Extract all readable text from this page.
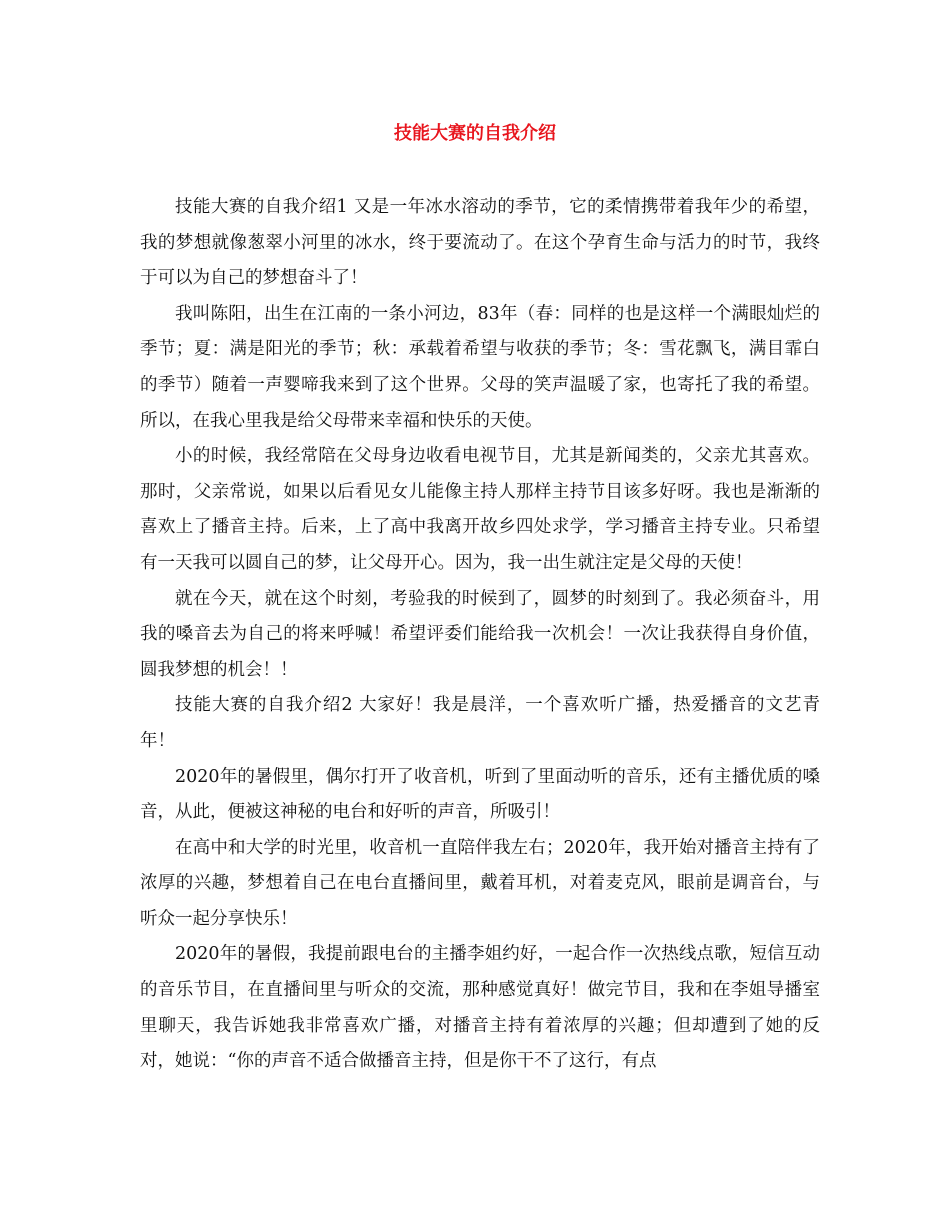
技能大赛的自我介绍

技能大赛的自我介绍1 又是一年冰水溶动的季节，它的柔情携带着我年少的希望，我的梦想就像葱翠小河里的冰水，终于要流动了。在这个孕育生命与活力的时节，我终于可以为自己的梦想奋斗了！

我叫陈阳，出生在江南的一条小河边，83年（春：同样的也是这样一个满眼灿烂的季节；夏：满是阳光的季节；秋：承载着希望与收获的季节；冬：雪花飘飞，满目霏白的季节）随着一声婴啼我来到了这个世界。父母的笑声温暖了家，也寄托了我的希望。所以，在我心里我是给父母带来幸福和快乐的天使。

小的时候，我经常陪在父母身边收看电视节目，尤其是新闻类的，父亲尤其喜欢。那时，父亲常说，如果以后看见女儿能像主持人那样主持节目该多好呀。我也是渐渐的喜欢上了播音主持。后来，上了高中我离开故乡四处求学，学习播音主持专业。只希望有一天我可以圆自己的梦，让父母开心。因为，我一出生就注定是父母的天使！

就在今天，就在这个时刻，考验我的时候到了，圆梦的时刻到了。我必须奋斗，用我的嗓音去为自己的将来呼喊！希望评委们能给我一次机会！一次让我获得自身价值，圆我梦想的机会！！

技能大赛的自我介绍2 大家好！我是晨洋，一个喜欢听广播，热爱播音的文艺青年！

2020年的暑假里，偶尔打开了收音机，听到了里面动听的音乐，还有主播优质的嗓音，从此，便被这神秘的电台和好听的声音，所吸引！

在高中和大学的时光里，收音机一直陪伴我左右；2020年，我开始对播音主持有了浓厚的兴趣，梦想着自己在电台直播间里，戴着耳机，对着麦克风，眼前是调音台，与听众一起分享快乐！

2020年的暑假，我提前跟电台的主播李姐约好，一起合作一次热线点歌，短信互动的音乐节目，在直播间里与听众的交流，那种感觉真好！做完节目，我和在李姐导播室里聊天，我告诉她我非常喜欢广播，对播音主持有着浓厚的兴趣；但却遭到了她的反对，她说：“你的声音不适合做播音主持，但是你干不了这行，有点
